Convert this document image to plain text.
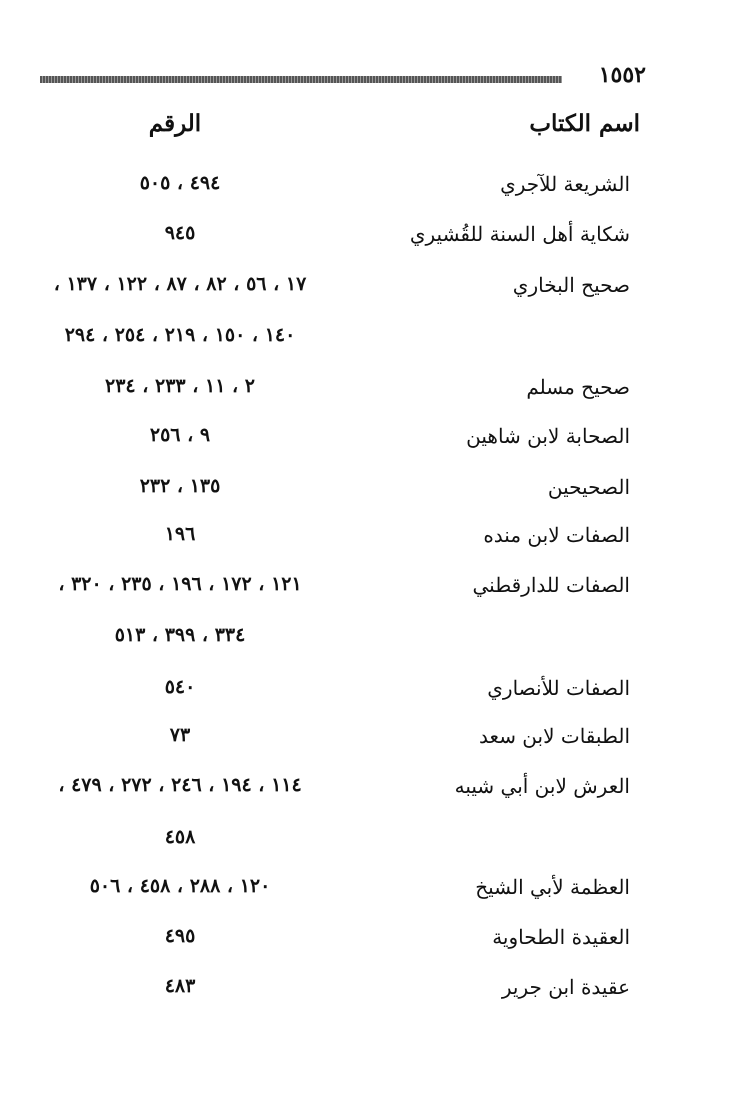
١٥٥٢
اسم الكتاب
الرقم
الشريعة للآجري
٤٩٤ ، ٥٠٥
شكاية أهل السنة للقُشيري
٩٤٥
صحيح البخاري
١٧ ، ٥٦ ، ٨٢ ، ٨٧ ، ١٢٢ ، ١٣٧ ،
١٤٠ ، ١٥٠ ، ٢١٩ ، ٢٥٤ ، ٢٩٤
صحيح مسلم
٢ ، ١١ ، ٢٣٣ ، ٢٣٤
الصحابة لابن شاهين
٩ ، ٢٥٦
الصحيحين
١٣٥ ، ٢٣٢
الصفات لابن منده
١٩٦
الصفات للدارقطني
١٢١ ، ١٧٢ ، ١٩٦ ، ٢٣٥ ، ٣٢٠ ،
٣٣٤ ، ٣٩٩ ، ٥١٣
الصفات للأنصاري
٥٤٠
الطبقات لابن سعد
٧٣
العرش لابن أبي شيبه
١١٤ ، ١٩٤ ، ٢٤٦ ، ٢٧٢ ، ٤٧٩ ،
٤٥٨
العظمة لأبي الشيخ
١٢٠ ، ٢٨٨ ، ٤٥٨ ، ٥٠٦
العقيدة الطحاوية
٤٩٥
عقيدة ابن جرير
٤٨٣
